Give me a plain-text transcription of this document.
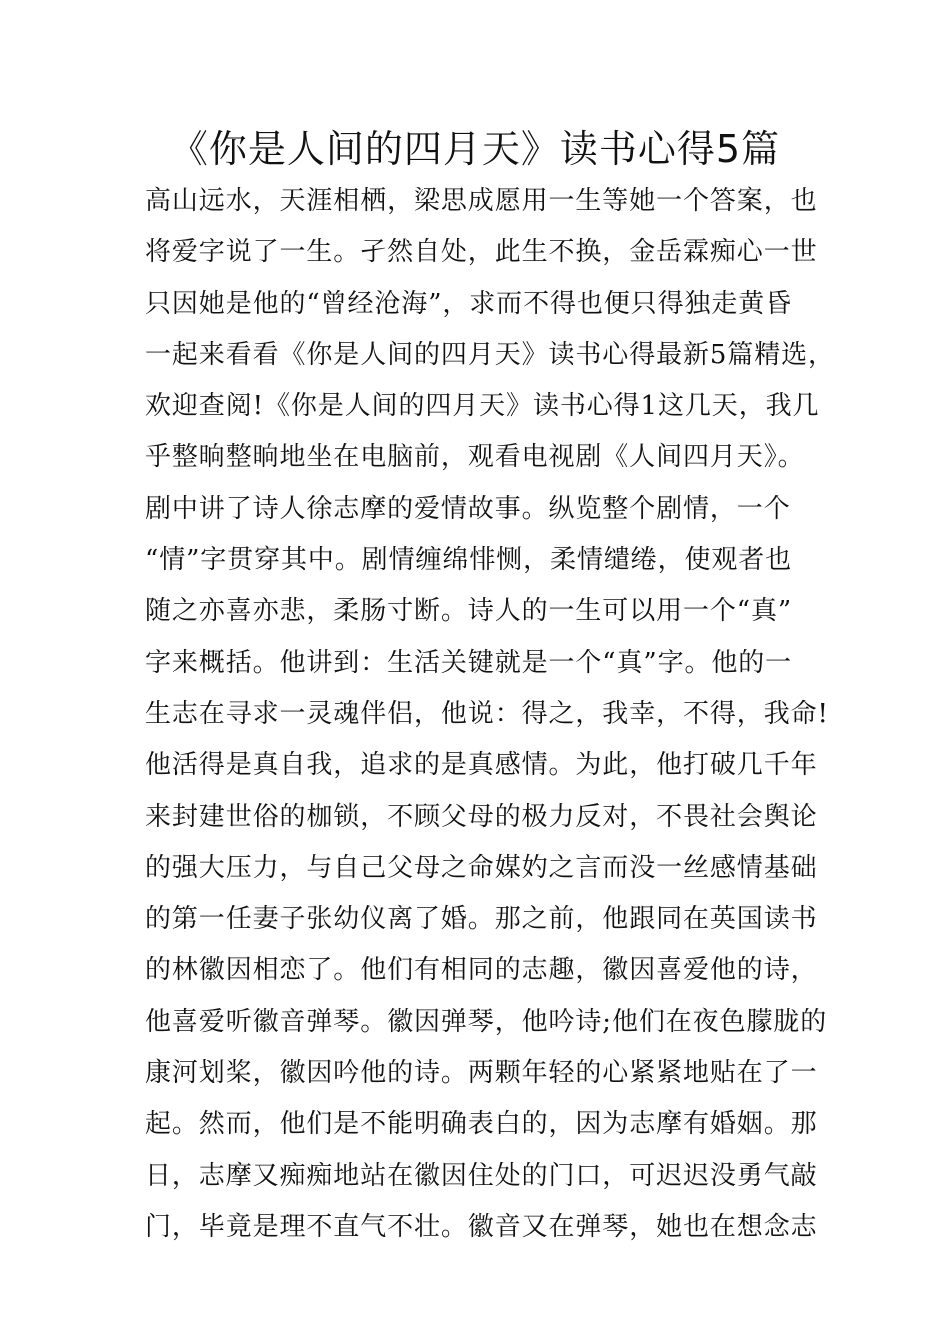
《你是人间的四月天》读书心得5篇
高山远水，天涯相栖，梁思成愿用一生等她一个答案，也
将爱字说了一生。孑然自处，此生不换，金岳霖痴心一世
只因她是他的“曾经沧海”，求而不得也便只得独走黄昏
一起来看看《你是人间的四月天》读书心得最新5篇精选，
欢迎查阅!《你是人间的四月天》读书心得1这几天，我几
乎整晌整晌地坐在电脑前，观看电视剧《人间四月天》。
剧中讲了诗人徐志摩的爱情故事。纵览整个剧情，一个
“情”字贯穿其中。剧情缠绵悱恻，柔情缱绻，使观者也
随之亦喜亦悲，柔肠寸断。诗人的一生可以用一个“真”
字来概括。他讲到：生活关键就是一个“真”字。他的一
生志在寻求一灵魂伴侣，他说：得之，我幸，不得，我命!
他活得是真自我，追求的是真感情。为此，他打破几千年
来封建世俗的枷锁，不顾父母的极力反对，不畏社会舆论
的强大压力，与自己父母之命媒妁之言而没一丝感情基础
的第一任妻子张幼仪离了婚。那之前，他跟同在英国读书
的林徽因相恋了。他们有相同的志趣，徽因喜爱他的诗，
他喜爱听徽音弹琴。徽因弹琴，他吟诗;他们在夜色朦胧的
康河划桨，徽因吟他的诗。两颗年轻的心紧紧地贴在了一
起。然而，他们是不能明确表白的，因为志摩有婚姻。那
日，志摩又痴痴地站在徽因住处的门口，可迟迟没勇气敲
门，毕竟是理不直气不壮。徽音又在弹琴，她也在想念志
